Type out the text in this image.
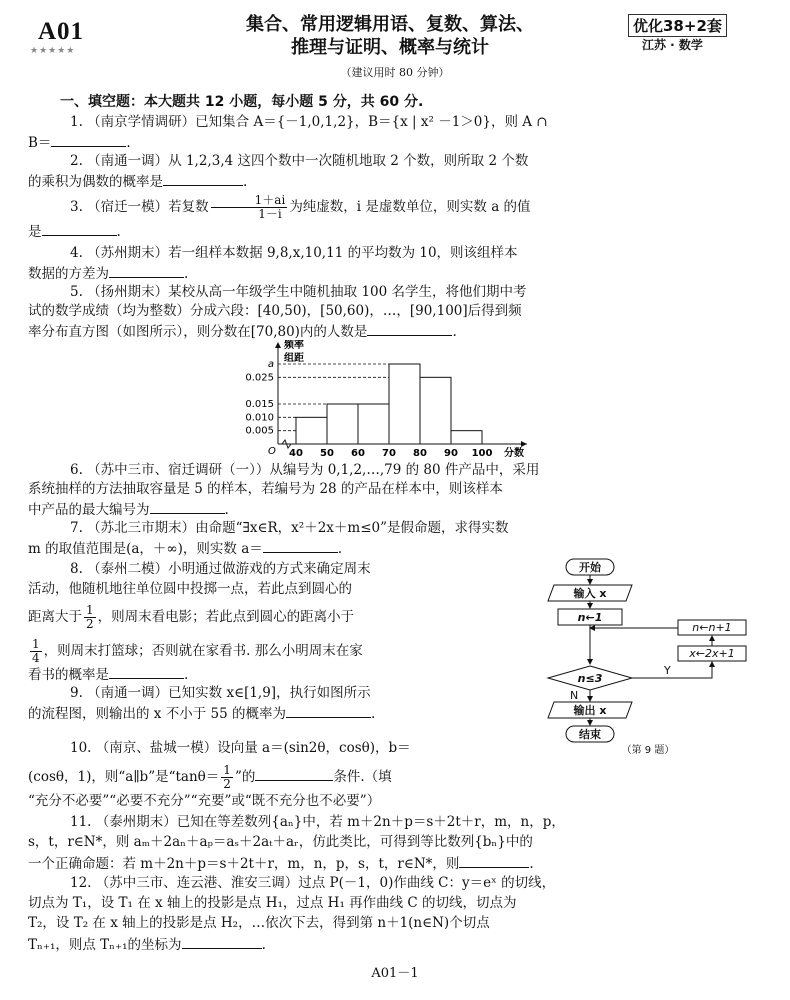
A01
★★★★★
集合、常用逻辑用语、复数、算法、
推理与证明、概率与统计
优化38+2套
江苏 · 数学
（建议用时 80 分钟）
一、填空题：本大题共 12 小题，每小题 5 分，共 60 分.
1. （南京学情调研）已知集合 A＝{－1,0,1,2}，B＝{x | x² －1＞0}，则 A ∩
B＝	.
2. （南通一调）从 1,2,3,4 这四个数中一次随机地取 2 个数，则所取 2 个数
的乘积为偶数的概率是	.
3. （宿迁一模）若复数 $\frac{1+ai}{1-i}$ 为纯虚数，i 是虚数单位，则实数 a 的值
是	.
4. （苏州期末）若一组样本数据 9,8,x,10,11 的平均数为 10，则该组样本
数据的方差为	.
5. （扬州期末）某校从高一年级学生中随机抽取 100 名学生，将他们期中考
试的数学成绩（均为整数）分成六段：[40,50)，[50,60)，…，[90,100]后得到频
率分布直方图（如图所示），则分数在[70,80)内的人数是	.
0.005
0.010
0.015
0.025
a
40 50 60 70 80 90 100 分数
O
频率
组距
6. （苏中三市、宿迁调研（一））从编号为 0,1,2,…,79 的 80 件产品中，采用
系统抽样的方法抽取容量是 5 的样本，若编号为 28 的产品在样本中，则该样本
中产品的最大编号为	.
7. （苏北三市期末）由命题“∃x∈R，x²＋2x＋m≤0”是假命题，求得实数
m 的取值范围是(a，＋∞)，则实数 a＝	.
8. （泰州二模）小明通过做游戏的方式来确定周末
活动，他随机地往单位圆中投掷一点，若此点到圆心的
距离大于 $\frac{1}{2}$ ，则周末看电影；若此点到圆心的距离小于
$\frac{1}{4}$ ，则周末打篮球；否则就在家看书. 那么小明周末在家
看书的概率是	.
9. （南通一调）已知实数 x∈[1,9]，执行如图所示
的流程图，则输出的 x 不小于 55 的概率为	.
开始
输入 x
n←1
n←n+1
x←2x+1
n≤3
Y
N
输出 x
结束
（第 9 题）
10. （南京、盐城一模）设向量 a＝(sin2θ，cosθ)，b＝
(cosθ，1)，则“a∥b”是“$\tan\theta= \frac{1}{2}$ ”的	条件.（填
“充分不必要”“必要不充分”“充要”或“既不充分也不必要”）
11. （泰州期末）已知在等差数列{aₙ}中，若 m＋2n＋p＝s＋2t＋r，m，n，p，
s，t，r∈N*，则 aₘ＋2aₙ＋aₚ＝aₛ＋2aₜ＋aᵣ，仿此类比，可得到等比数列{bₙ}中的
一个正确命题：若 m＋2n＋p＝s＋2t＋r，m，n，p，s，t，r∈N*，则	.
12. （苏中三市、连云港、淮安三调）过点 P(－1，0)作曲线 C：y＝eˣ 的切线，
切点为 T₁，设 T₁ 在 x 轴上的投影是点 H₁，过点 H₁ 再作曲线 C 的切线，切点为
T₂，设 T₂ 在 x 轴上的投影是点 H₂，…依次下去，得到第 n＋1(n∈N)个切点
Tₙ₊₁，则点 Tₙ₊₁的坐标为	.
A01－1
